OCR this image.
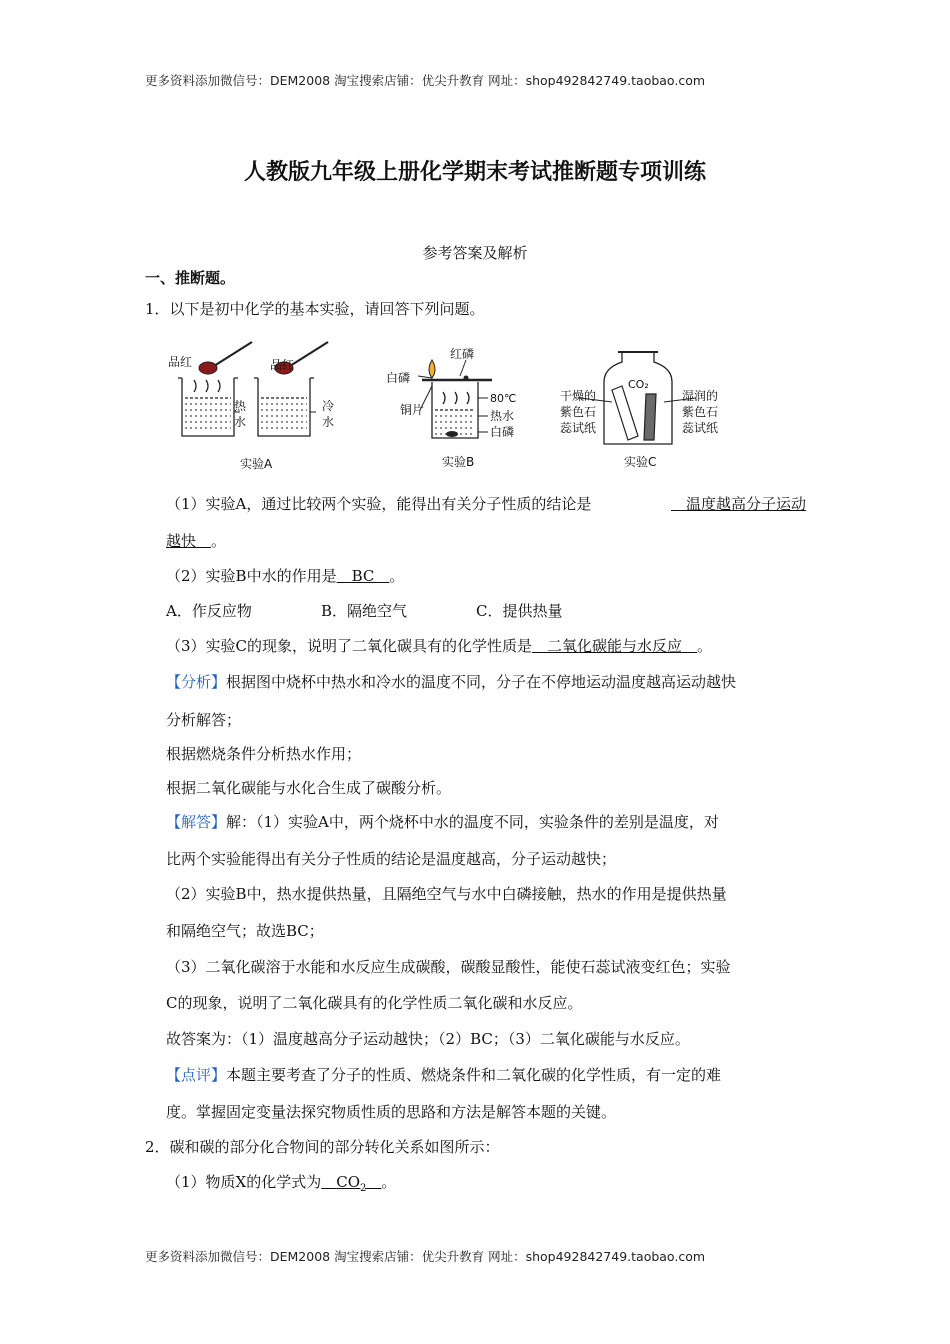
更多资料添加微信号：DEM2008 淘宝搜索店铺：优尖升教育 网址：shop492842749.taobao.com
人教版九年级上册化学期末考试推断题专项训练
参考答案及解析
一、推断题。
1．以下是初中化学的基本实验，请回答下列问题。
品红	品红
热
水
冷
水
实验A
红磷
白磷
铜片
80℃
热水
白磷
实验B
CO₂
干燥的
紫色石
蕊试纸
湿润的
紫色石
蕊试纸
实验C
（1）实验A，通过比较两个实验，能得出有关分子性质的结论是	　温度越高分子运动
越快　。
（2）实验B中水的作用是　BC　。
A．作反应物	B．隔绝空气	C．提供热量
（3）实验C的现象，说明了二氧化碳具有的化学性质是　二氧化碳能与水反应　。
【分析】根据图中烧杯中热水和冷水的温度不同，分子在不停地运动温度越高运动越快
分析解答；
根据燃烧条件分析热水作用；
根据二氧化碳能与水化合生成了碳酸分析。
【解答】解：（1）实验A中，两个烧杯中水的温度不同，实验条件的差别是温度，对
比两个实验能得出有关分子性质的结论是温度越高，分子运动越快；
（2）实验B中，热水提供热量，且隔绝空气与水中白磷接触，热水的作用是提供热量
和隔绝空气；故选BC；
（3）二氧化碳溶于水能和水反应生成碳酸，碳酸显酸性，能使石蕊试液变红色；实验
C的现象，说明了二氧化碳具有的化学性质二氧化碳和水反应。
故答案为：（1）温度越高分子运动越快；（2）BC；（3）二氧化碳能与水反应。
【点评】本题主要考查了分子的性质、燃烧条件和二氧化碳的化学性质，有一定的难
度。掌握固定变量法探究物质性质的思路和方法是解答本题的关键。
2．碳和碳的部分化合物间的部分转化关系如图所示：
（1）物质X的化学式为　 $CO_2$　 。
更多资料添加微信号：DEM2008 淘宝搜索店铺：优尖升教育 网址：shop492842749.taobao.com
